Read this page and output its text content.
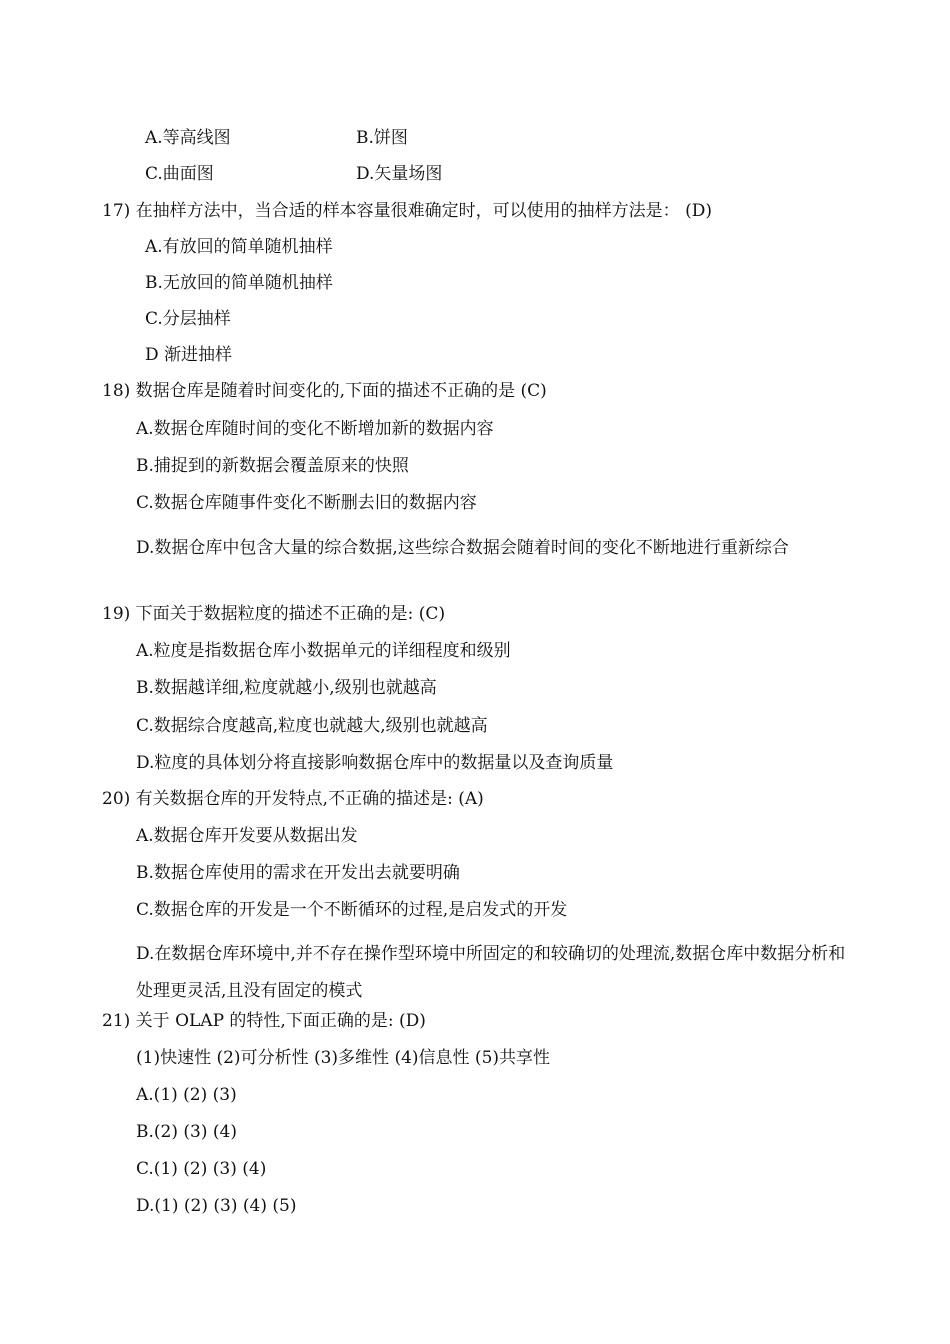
A.等高线图	B.饼图
C.曲面图	D.矢量场图
17) 在抽样方法中，当合适的样本容量很难确定时，可以使用的抽样方法是： (D)
A.有放回的简单随机抽样
B.无放回的简单随机抽样
C.分层抽样
D 渐进抽样
18) 数据仓库是随着时间变化的,下面的描述不正确的是 (C)
A.数据仓库随时间的变化不断增加新的数据内容
B.捕捉到的新数据会覆盖原来的快照
C.数据仓库随事件变化不断删去旧的数据内容
D.数据仓库中包含大量的综合数据,这些综合数据会随着时间的变化不断地进行重新综合
19) 下面关于数据粒度的描述不正确的是: (C)
A.粒度是指数据仓库小数据单元的详细程度和级别
B.数据越详细,粒度就越小,级别也就越高
C.数据综合度越高,粒度也就越大,级别也就越高
D.粒度的具体划分将直接影响数据仓库中的数据量以及查询质量
20) 有关数据仓库的开发特点,不正确的描述是: (A)
A.数据仓库开发要从数据出发
B.数据仓库使用的需求在开发出去就要明确
C.数据仓库的开发是一个不断循环的过程,是启发式的开发
D.在数据仓库环境中,并不存在操作型环境中所固定的和较确切的处理流,数据仓库中数据分析和处理更灵活,且没有固定的模式
21) 关于 OLAP 的特性,下面正确的是: (D)
(1)快速性 (2)可分析性 (3)多维性 (4)信息性 (5)共享性
A.(1) (2) (3)
B.(2) (3) (4)
C.(1) (2) (3) (4)
D.(1) (2) (3) (4) (5)
